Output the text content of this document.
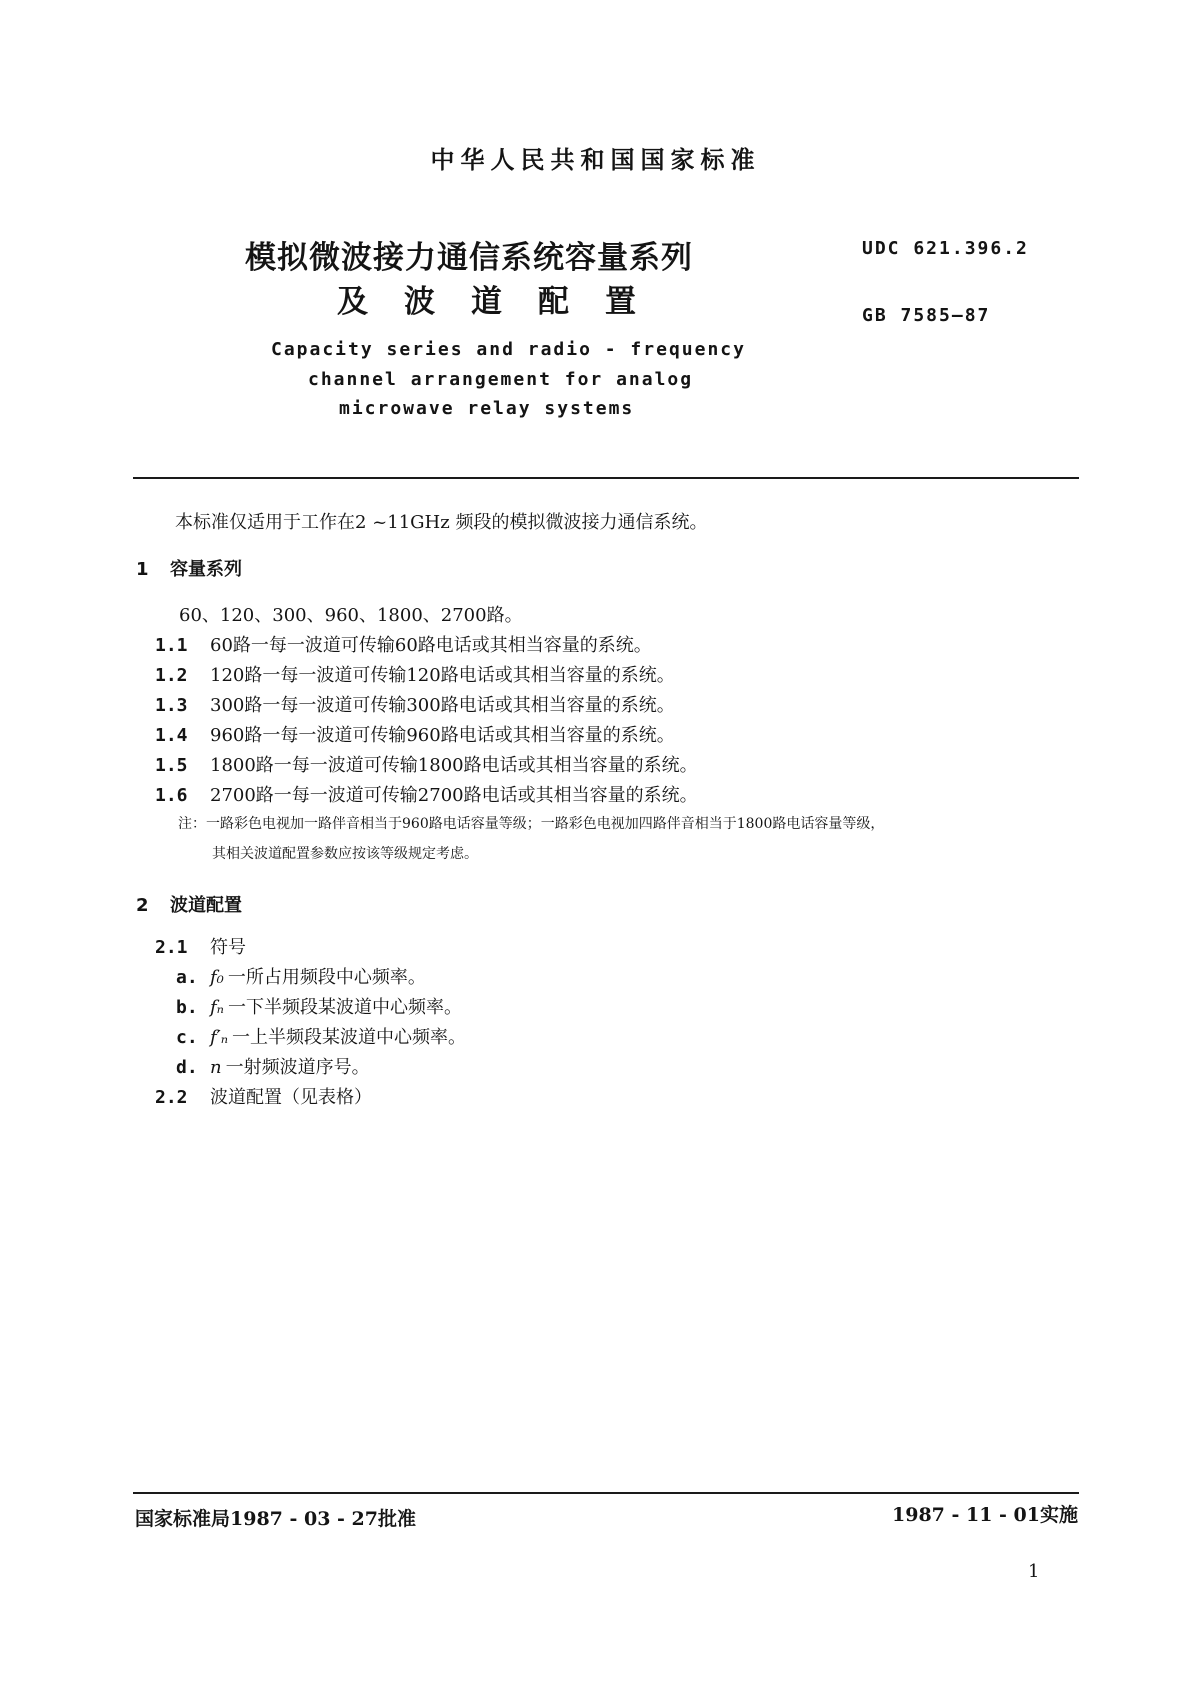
中华人民共和国国家标准
模拟微波接力通信系统容量系列
及 波 道 配 置
UDC 621.396.2
GB 7585—87
Capacity series and radio - frequency
channel arrangement for analog
microwave relay systems
本标准仅适用于工作在2 ~11GHz 频段的模拟微波接力通信系统。
1 容量系列
60、120、300、960、1800、2700路。
1.1 60路一每一波道可传输60路电话或其相当容量的系统。
1.2 120路一每一波道可传输120路电话或其相当容量的系统。
1.3 300路一每一波道可传输300路电话或其相当容量的系统。
1.4 960路一每一波道可传输960路电话或其相当容量的系统。
1.5 1800路一每一波道可传输1800路电话或其相当容量的系统。
1.6 2700路一每一波道可传输2700路电话或其相当容量的系统。
注：一路彩色电视加一路伴音相当于960路电话容量等级；一路彩色电视加四路伴音相当于1800路电话容量等级，
其相关波道配置参数应按该等级规定考虑。
2 波道配置
2.1 符号
a. f₀ 一所占用频段中心频率。
b. fₙ 一下半频段某波道中心频率。
c. f′ₙ 一上半频段某波道中心频率。
d. n 一射频波道序号。
2.2 波道配置（见表格）
国家标准局1987 - 03 - 27批准	1987 - 11 - 01实施
1
